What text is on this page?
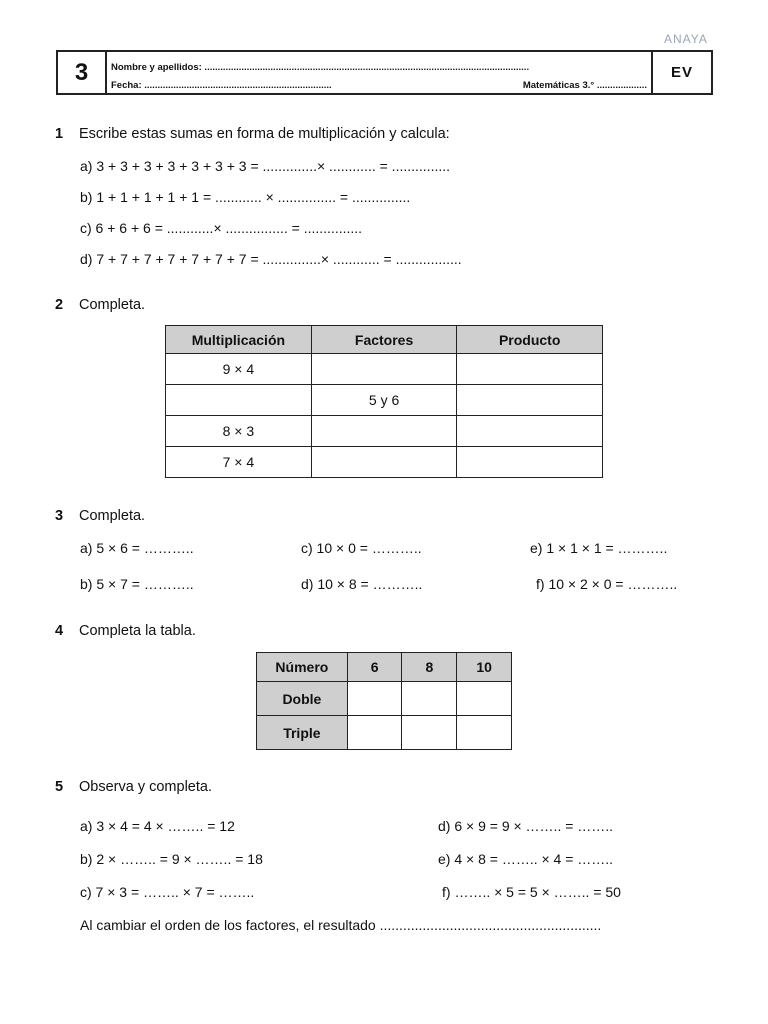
ANAYA
3	Nombre y apellidos: ...........................................................................................................................
Fecha: .......................................................................	Matemáticas 3.° ...................
EV
1 Escribe estas sumas en forma de multiplicación y calcula:
a) 3 + 3 + 3 + 3 + 3 + 3 + 3 = ..............× ............ = ...............
b) 1 + 1 + 1 + 1 + 1 = ............ × ............... = ...............
c) 6 + 6 + 6 = ............× ................ = ...............
d) 7 + 7 + 7 + 7 + 7 + 7 + 7 = ...............× ............ = .................
2 Completa.
Multiplicación	Factores	Producto
9 × 4		
	5 y 6	
8 × 3		
7 × 4		
3 Completa.
a) 5 × 6 = ………..	c) 10 × 0 = ………..	e) 1 × 1 × 1 = ………..
b) 5 × 7 = ………..	d) 10 × 8 = ………..	f) 10 × 2 × 0 = ………..
4 Completa la tabla.
Número	6	8	10
Doble			
Triple			
5 Observa y completa.
a) 3 × 4 = 4 × …….. = 12	d) 6 × 9 = 9 × …….. = ……..
b) 2 × …….. = 9 × …….. = 18	e) 4 × 8 = …….. × 4 = ……..
c) 7 × 3 = …….. × 7 = ……..	f) …….. × 5 = 5 × …….. = 50
Al cambiar el orden de los factores, el resultado .........................................................
